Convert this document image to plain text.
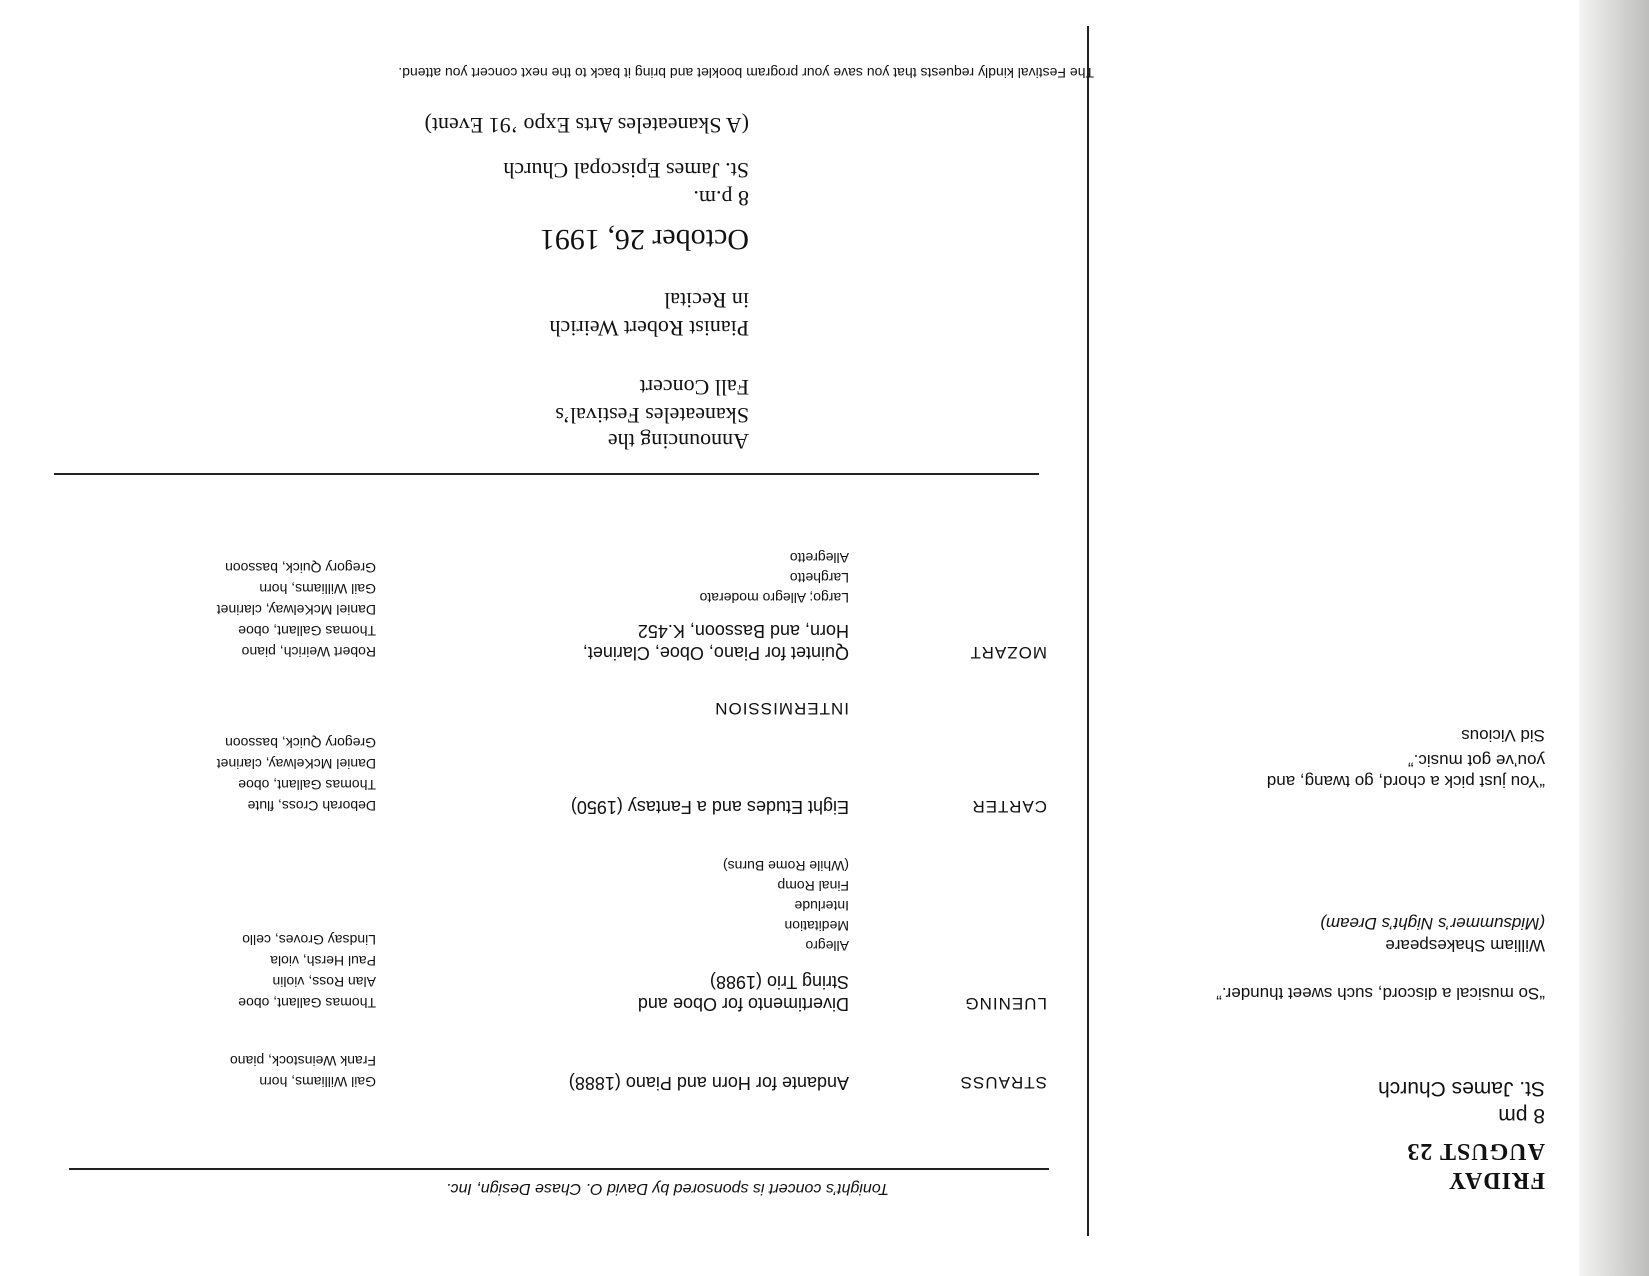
FRIDAY
AUGUST 23
8 pm
St. James Church
“So musical a discord, such sweet thunder.”
William Shakespeare
(Midsummer’s Night’s Dream)
“You just pick a chord, go twang, and you’ve got music.”
Sid Vicious
Tonight’s concert is sponsored by David O. Chase Design, Inc.
STRAUSS
Andante for Horn and Piano (1888)
Gail Williams, horn
Frank Weinstock, piano
LUENING
Divertimento for Oboe and
String Trio (1988)
Allegro
Meditation
Interlude
Final Romp
(While Rome Burns)
Thomas Gallant, oboe
Alan Ross, violin
Paul Hersh, viola
Lindsay Groves, cello
CARTER
Eight Etudes and a Fantasy (1950)
Deborah Cross, flute
Thomas Gallant, oboe
Daniel McKelway, clarinet
Gregory Quick, bassoon
INTERMISSION
MOZART
Quintet for Piano, Oboe, Clarinet,
Horn, and Bassoon, K.452
Largo; Allegro moderato
Larghetto
Allegretto
Robert Weirich, piano
Thomas Gallant, oboe
Daniel McKelway, clarinet
Gail Williams, horn
Gregory Quick, bassoon
Announcing the
Skaneateles Festival’s
Fall Concert
Pianist Robert Weirich
in Recital
October 26, 1991
8 p.m.
St. James Episcopal Church
(A Skaneateles Arts Expo ’91 Event)
The Festival kindly requests that you save your program booklet and bring it back to the next concert you attend.
